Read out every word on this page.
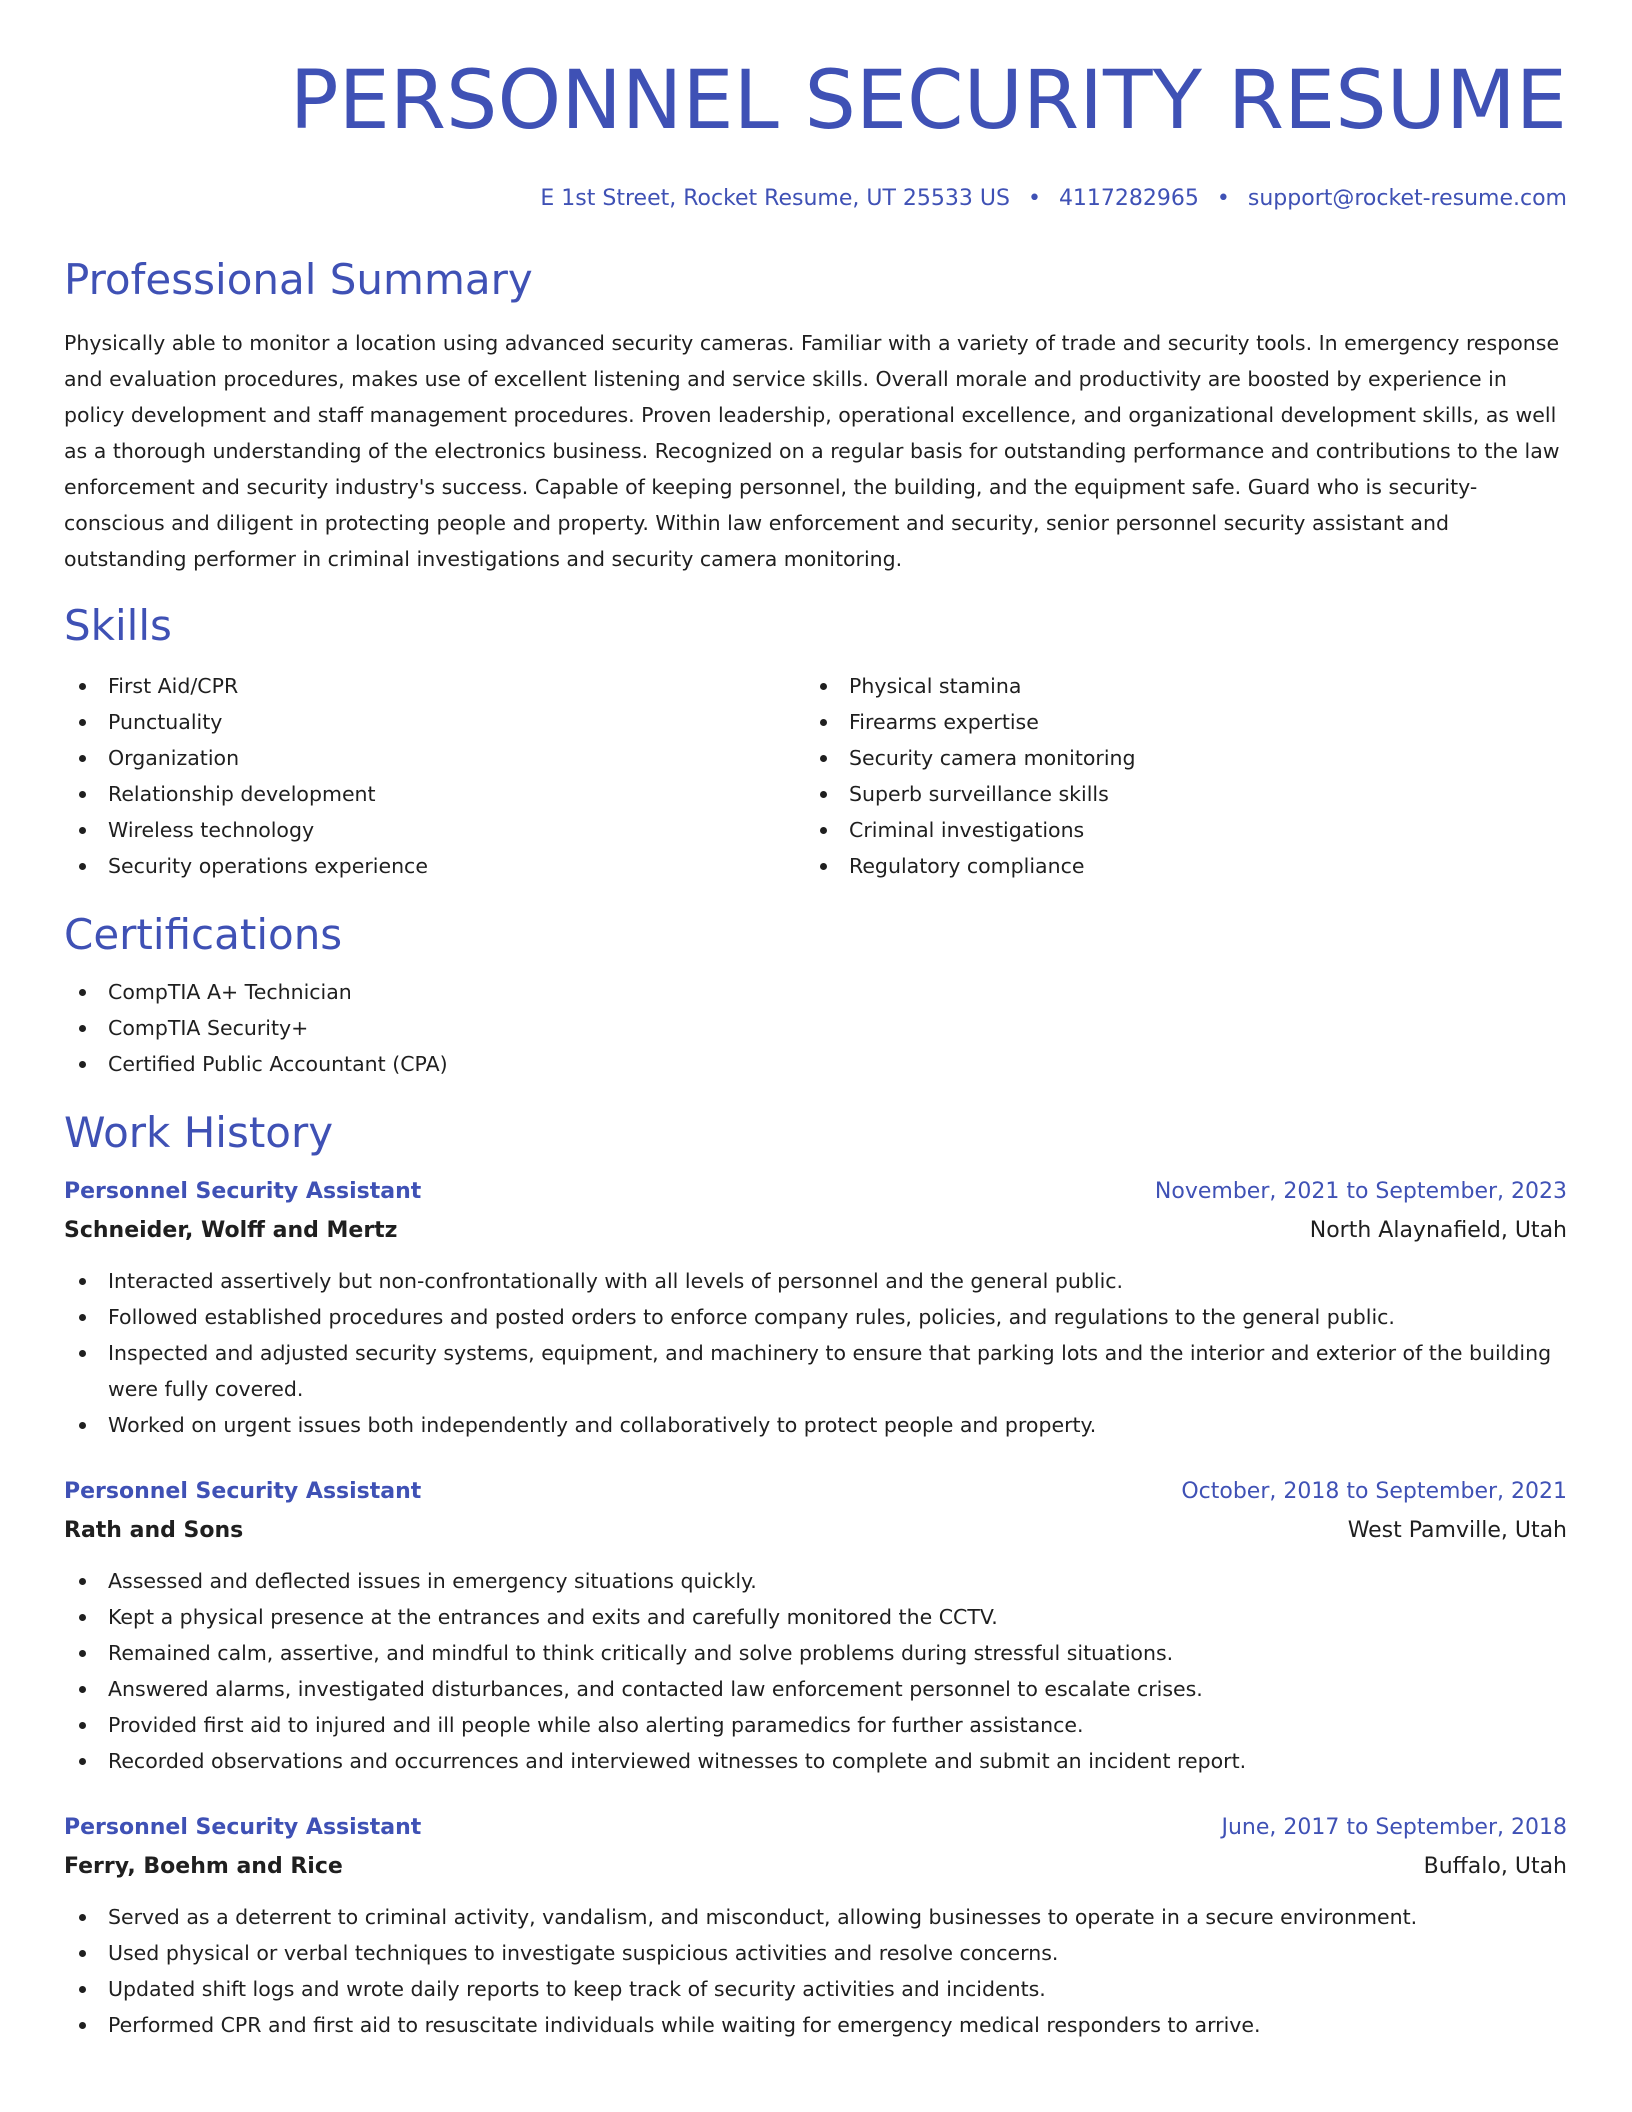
PERSONNEL SECURITY RESUME
E 1st Street, Rocket Resume, UT 25533 US • 4117282965 • support@rocket-resume.com
Professional Summary
Physically able to monitor a location using advanced security cameras. Familiar with a variety of trade and security tools. In emergency response and evaluation procedures, makes use of excellent listening and service skills. Overall morale and productivity are boosted by experience in policy development and staff management procedures. Proven leadership, operational excellence, and organizational development skills, as well as a thorough understanding of the electronics business. Recognized on a regular basis for outstanding performance and contributions to the law enforcement and security industry's success. Capable of keeping personnel, the building, and the equipment safe. Guard who is security-conscious and diligent in protecting people and property. Within law enforcement and security, senior personnel security assistant and outstanding performer in criminal investigations and security camera monitoring.
Skills
First Aid/CPR
Punctuality
Organization
Relationship development
Wireless technology
Security operations experience
Physical stamina
Firearms expertise
Security camera monitoring
Superb surveillance skills
Criminal investigations
Regulatory compliance
Certifications
CompTIA A+ Technician
CompTIA Security+
Certified Public Accountant (CPA)
Work History
Personnel Security Assistant	November, 2021 to September, 2023
Schneider, Wolff and Mertz	North Alaynafield, Utah
Interacted assertively but non-confrontationally with all levels of personnel and the general public.
Followed established procedures and posted orders to enforce company rules, policies, and regulations to the general public.
Inspected and adjusted security systems, equipment, and machinery to ensure that parking lots and the interior and exterior of the building were fully covered.
Worked on urgent issues both independently and collaboratively to protect people and property.
Personnel Security Assistant	October, 2018 to September, 2021
Rath and Sons	West Pamville, Utah
Assessed and deflected issues in emergency situations quickly.
Kept a physical presence at the entrances and exits and carefully monitored the CCTV.
Remained calm, assertive, and mindful to think critically and solve problems during stressful situations.
Answered alarms, investigated disturbances, and contacted law enforcement personnel to escalate crises.
Provided first aid to injured and ill people while also alerting paramedics for further assistance.
Recorded observations and occurrences and interviewed witnesses to complete and submit an incident report.
Personnel Security Assistant	June, 2017 to September, 2018
Ferry, Boehm and Rice	Buffalo, Utah
Served as a deterrent to criminal activity, vandalism, and misconduct, allowing businesses to operate in a secure environment.
Used physical or verbal techniques to investigate suspicious activities and resolve concerns.
Updated shift logs and wrote daily reports to keep track of security activities and incidents.
Performed CPR and first aid to resuscitate individuals while waiting for emergency medical responders to arrive.
